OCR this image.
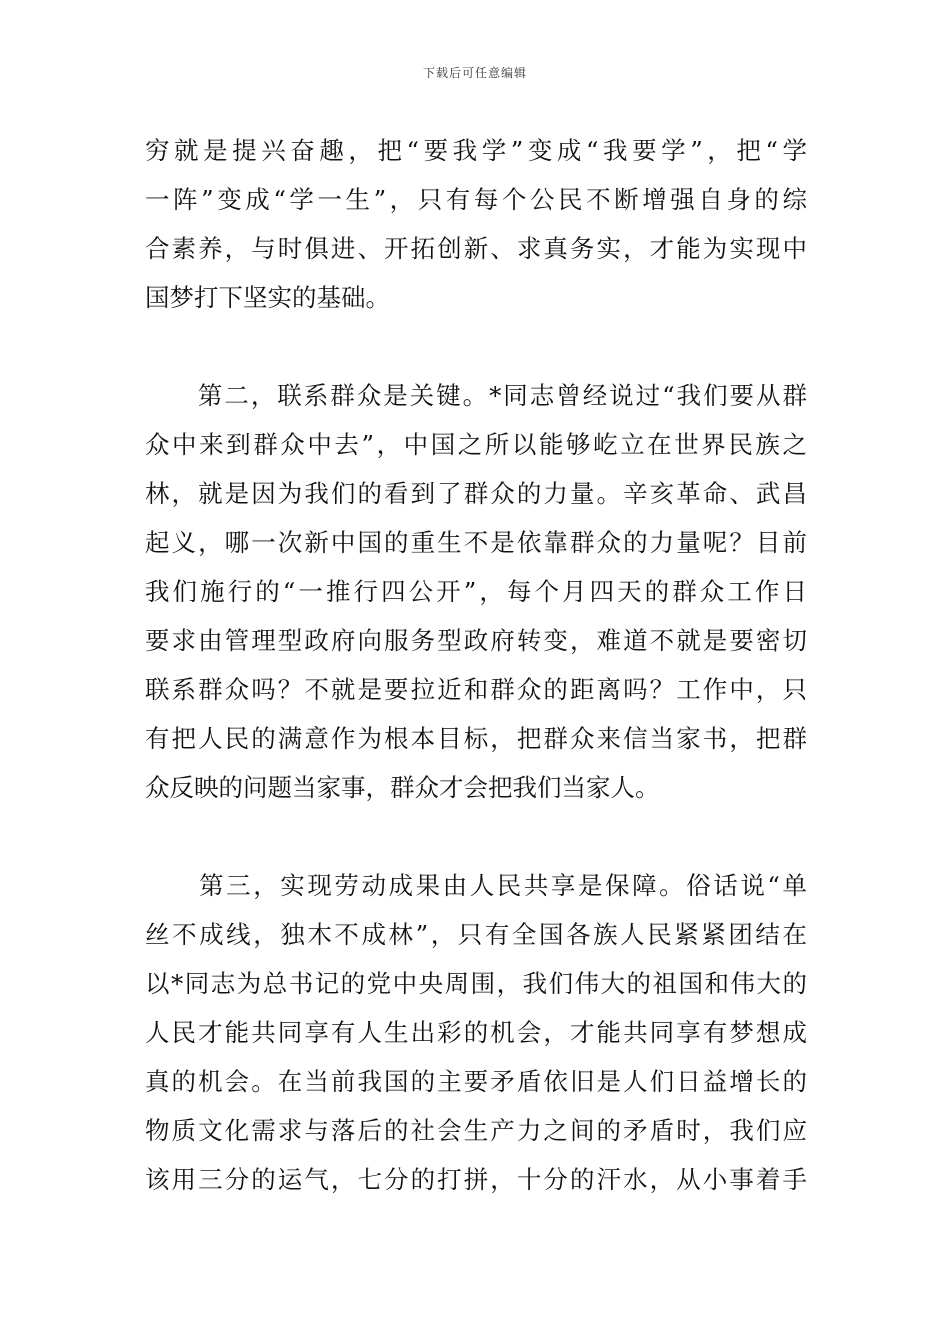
下载后可任意编辑
穷就是提兴奋趣，把“要我学”变成“我要学”，把“学
一阵”变成“学一生”，只有每个公民不断增强自身的综
合素养，与时俱进、开拓创新、求真务实，才能为实现中
国梦打下坚实的基础。
　　第二，联系群众是关键。*同志曾经说过“我们要从群
众中来到群众中去”，中国之所以能够屹立在世界民族之
林，就是因为我们的看到了群众的力量。辛亥革命、武昌
起义，哪一次新中国的重生不是依靠群众的力量呢？目前
我们施行的“一推行四公开”，每个月四天的群众工作日
要求由管理型政府向服务型政府转变，难道不就是要密切
联系群众吗？不就是要拉近和群众的距离吗？工作中，只
有把人民的满意作为根本目标，把群众来信当家书，把群
众反映的问题当家事，群众才会把我们当家人。
　　第三，实现劳动成果由人民共享是保障。俗话说“单
丝不成线，独木不成林”，只有全国各族人民紧紧团结在
以*同志为总书记的党中央周围，我们伟大的祖国和伟大的
人民才能共同享有人生出彩的机会，才能共同享有梦想成
真的机会。在当前我国的主要矛盾依旧是人们日益增长的
物质文化需求与落后的社会生产力之间的矛盾时，我们应
该用三分的运气，七分的打拼，十分的汗水，从小事着手
